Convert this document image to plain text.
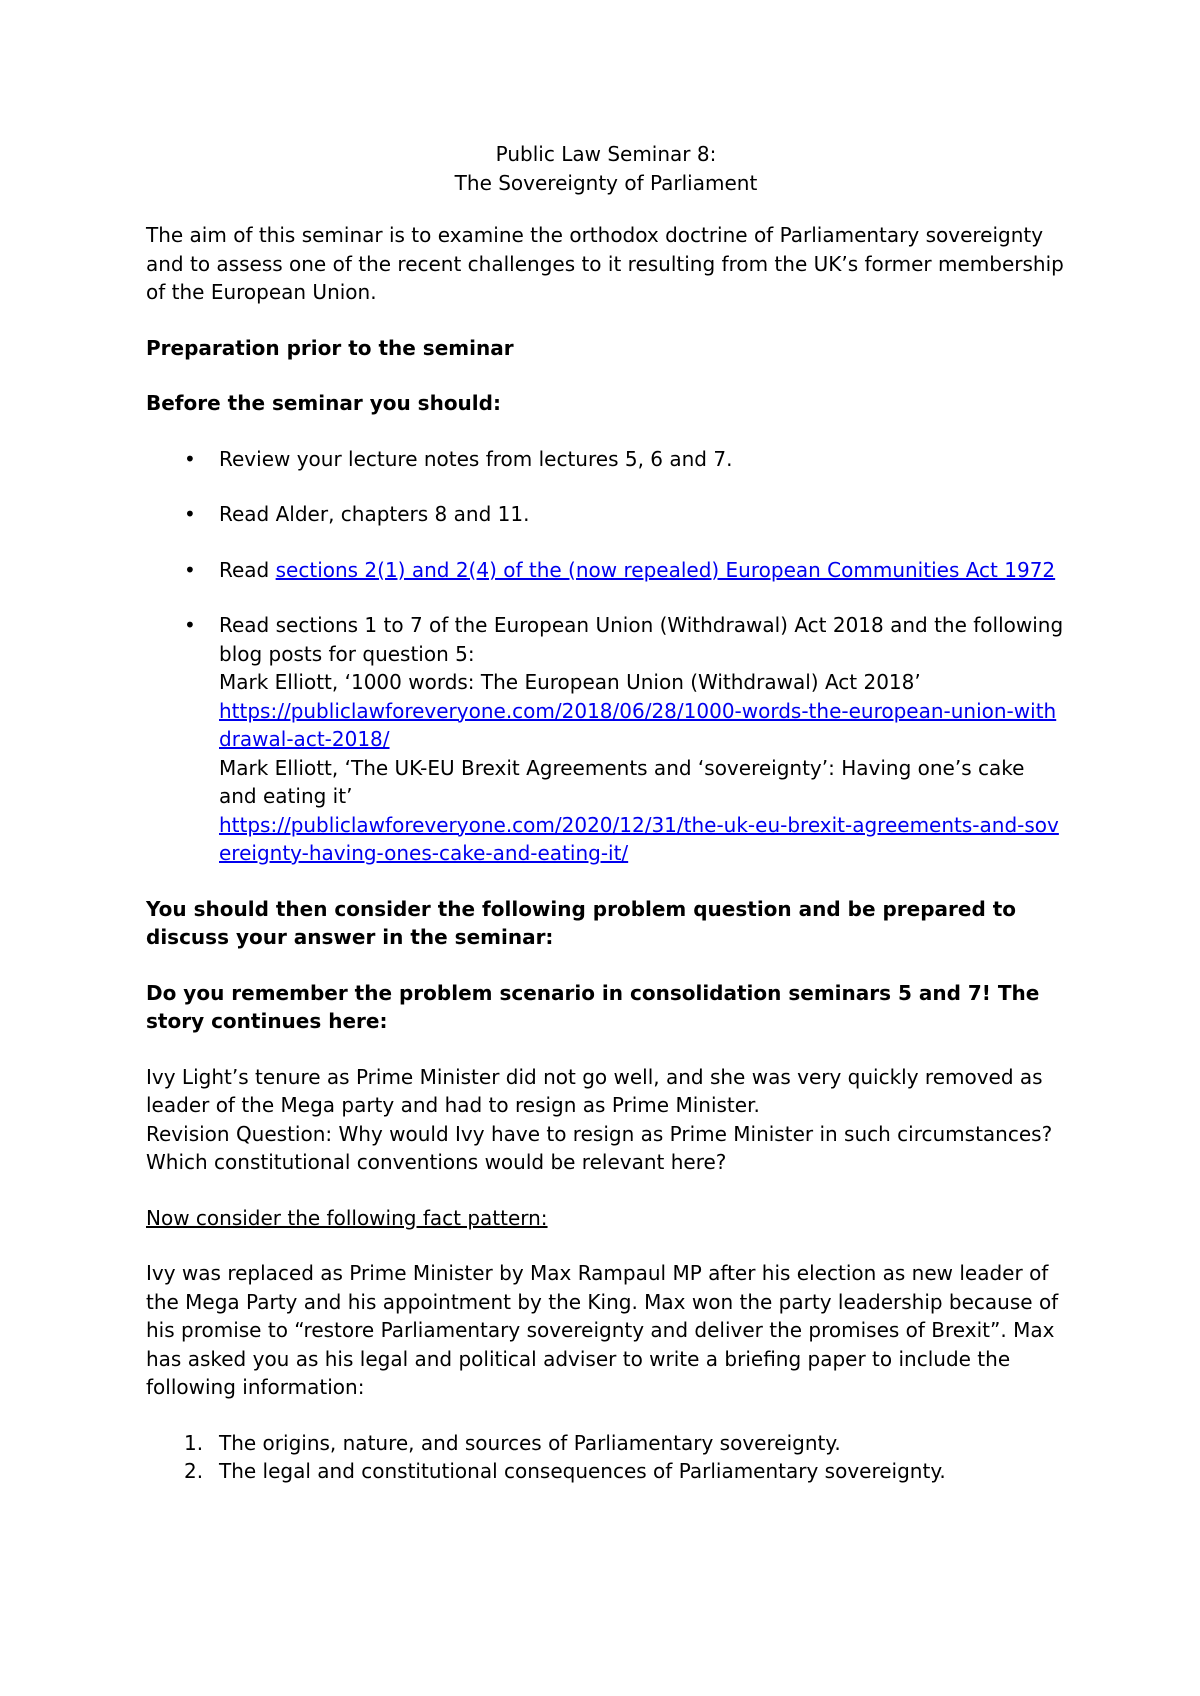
Public Law Seminar 8:
The Sovereignty of Parliament

The aim of this seminar is to examine the orthodox doctrine of Parliamentary sovereignty and to assess one of the recent challenges to it resulting from the UK’s former membership of the European Union.

Preparation prior to the seminar

Before the seminar you should:

• Review your lecture notes from lectures 5, 6 and 7.
• Read Alder, chapters 8 and 11.
• Read sections 2(1) and 2(4) of the (now repealed) European Communities Act 1972
• Read sections 1 to 7 of the European Union (Withdrawal) Act 2018 and the following blog posts for question 5:
Mark Elliott, ‘1000 words: The European Union (Withdrawal) Act 2018’
https://publiclawforeveryone.com/2018/06/28/1000-words-the-european-union-withdrawal-act-2018/
Mark Elliott, ‘The UK-EU Brexit Agreements and ‘sovereignty’: Having one’s cake and eating it’
https://publiclawforeveryone.com/2020/12/31/the-uk-eu-brexit-agreements-and-sovereignty-having-ones-cake-and-eating-it/

You should then consider the following problem question and be prepared to discuss your answer in the seminar:

Do you remember the problem scenario in consolidation seminars 5 and 7! The story continues here:

Ivy Light’s tenure as Prime Minister did not go well, and she was very quickly removed as leader of the Mega party and had to resign as Prime Minister.
Revision Question: Why would Ivy have to resign as Prime Minister in such circumstances? Which constitutional conventions would be relevant here?

Now consider the following fact pattern:

Ivy was replaced as Prime Minister by Max Rampaul MP after his election as new leader of the Mega Party and his appointment by the King. Max won the party leadership because of his promise to “restore Parliamentary sovereignty and deliver the promises of Brexit”. Max has asked you as his legal and political adviser to write a briefing paper to include the following information:

1. The origins, nature, and sources of Parliamentary sovereignty.
2. The legal and constitutional consequences of Parliamentary sovereignty.
